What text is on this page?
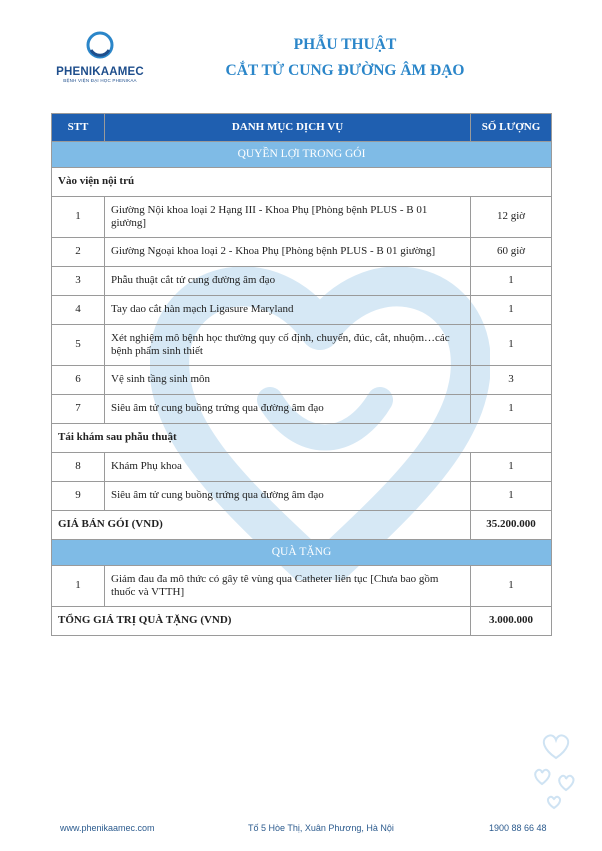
PHENIKAAMEC
BỆNH VIỆN ĐẠI HỌC PHENIKAA
PHẪU THUẬT
CẮT TỬ CUNG ĐƯỜNG ÂM ĐẠO
STT	DANH MỤC DỊCH VỤ	SỐ LƯỢNG
QUYỀN LỢI TRONG GÓI		
Vào viện nội trú		
1	Giường Nội khoa loại 2 Hạng III - Khoa Phụ [Phòng bệnh PLUS - B 01 giường]	12 giờ
2	Giường Ngoại khoa loại 2 - Khoa Phụ [Phòng bệnh PLUS - B 01 giường]	60 giờ
3	Phẫu thuật cắt tử cung đường âm đạo	1
4	Tay dao cắt hàn mạch Ligasure Maryland	1
5	Xét nghiệm mô bệnh học thường quy cố định, chuyển, đúc, cắt, nhuộm…các bệnh phẩm sinh thiết	1
6	Vệ sinh tầng sinh môn	3
7	Siêu âm tử cung buồng trứng qua đường âm đạo	1
Tái khám sau phẫu thuật		
8	Khám Phụ khoa	1
9	Siêu âm tử cung buồng trứng qua đường âm đạo	1
GIÁ BÁN GÓI (VND)		35.200.000
QUÀ TẶNG		
1	Giảm đau đa mô thức có gây tê vùng qua Catheter liên tục [Chưa bao gồm thuốc và VTTH]	1
TỔNG GIÁ TRỊ QUÀ TẶNG (VND)		3.000.000
www.phenikaamec.com	Tố 5 Hòe Thị, Xuân Phương, Hà Nội	1900 88 66 48
